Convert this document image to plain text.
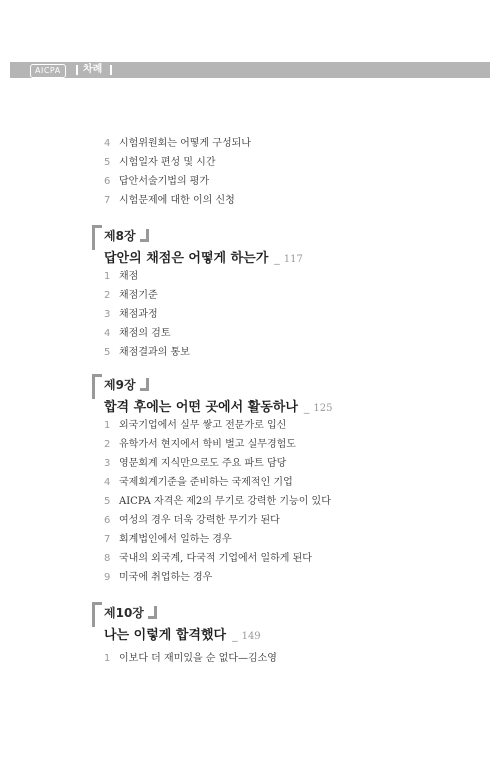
AICPA	차례
4 시험위원회는 어떻게 구성되나
5 시험일자 편성 및 시간
6 답안서술기법의 평가
7 시험문제에 대한 이의 신청
제8장
답안의 채점은 어떻게 하는가 _ 117
1 채점
2 채점기준
3 채점과정
4 채점의 검토
5 채점결과의 통보
제9장
합격 후에는 어떤 곳에서 활동하나 _ 125
1 외국기업에서 실무 쌓고 전문가로 입신
2 유학가서 현지에서 학비 벌고 실무경험도
3 영문회계 지식만으로도 주요 파트 담당
4 국제회계기준을 준비하는 국제적인 기업
5 AICPA 자격은 제2의 무기로 강력한 기능이 있다
6 여성의 경우 더욱 강력한 무기가 된다
7 회계법인에서 일하는 경우
8 국내의 외국계, 다국적 기업에서 일하게 된다
9 미국에 취업하는 경우
제10장
나는 이렇게 합격했다 _ 149
1 이보다 더 재미있을 순 없다—김소영
